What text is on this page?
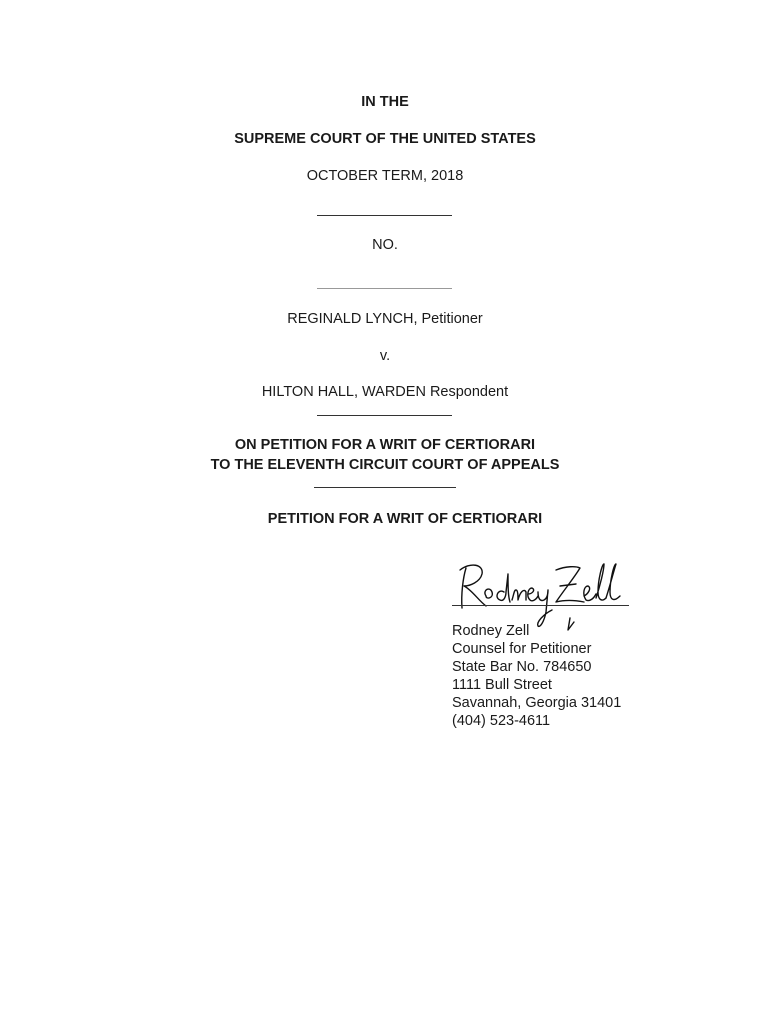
IN THE
SUPREME COURT OF THE UNITED STATES
OCTOBER TERM, 2018
NO.
REGINALD LYNCH, Petitioner
v.
HILTON HALL, WARDEN Respondent
ON PETITION FOR A WRIT OF CERTIORARI
TO THE ELEVENTH CIRCUIT COURT OF APPEALS
PETITION FOR A WRIT OF CERTIORARI
Rodney Zell
Counsel for Petitioner
State Bar No. 784650
1111 Bull Street
Savannah, Georgia 31401
(404) 523-4611
